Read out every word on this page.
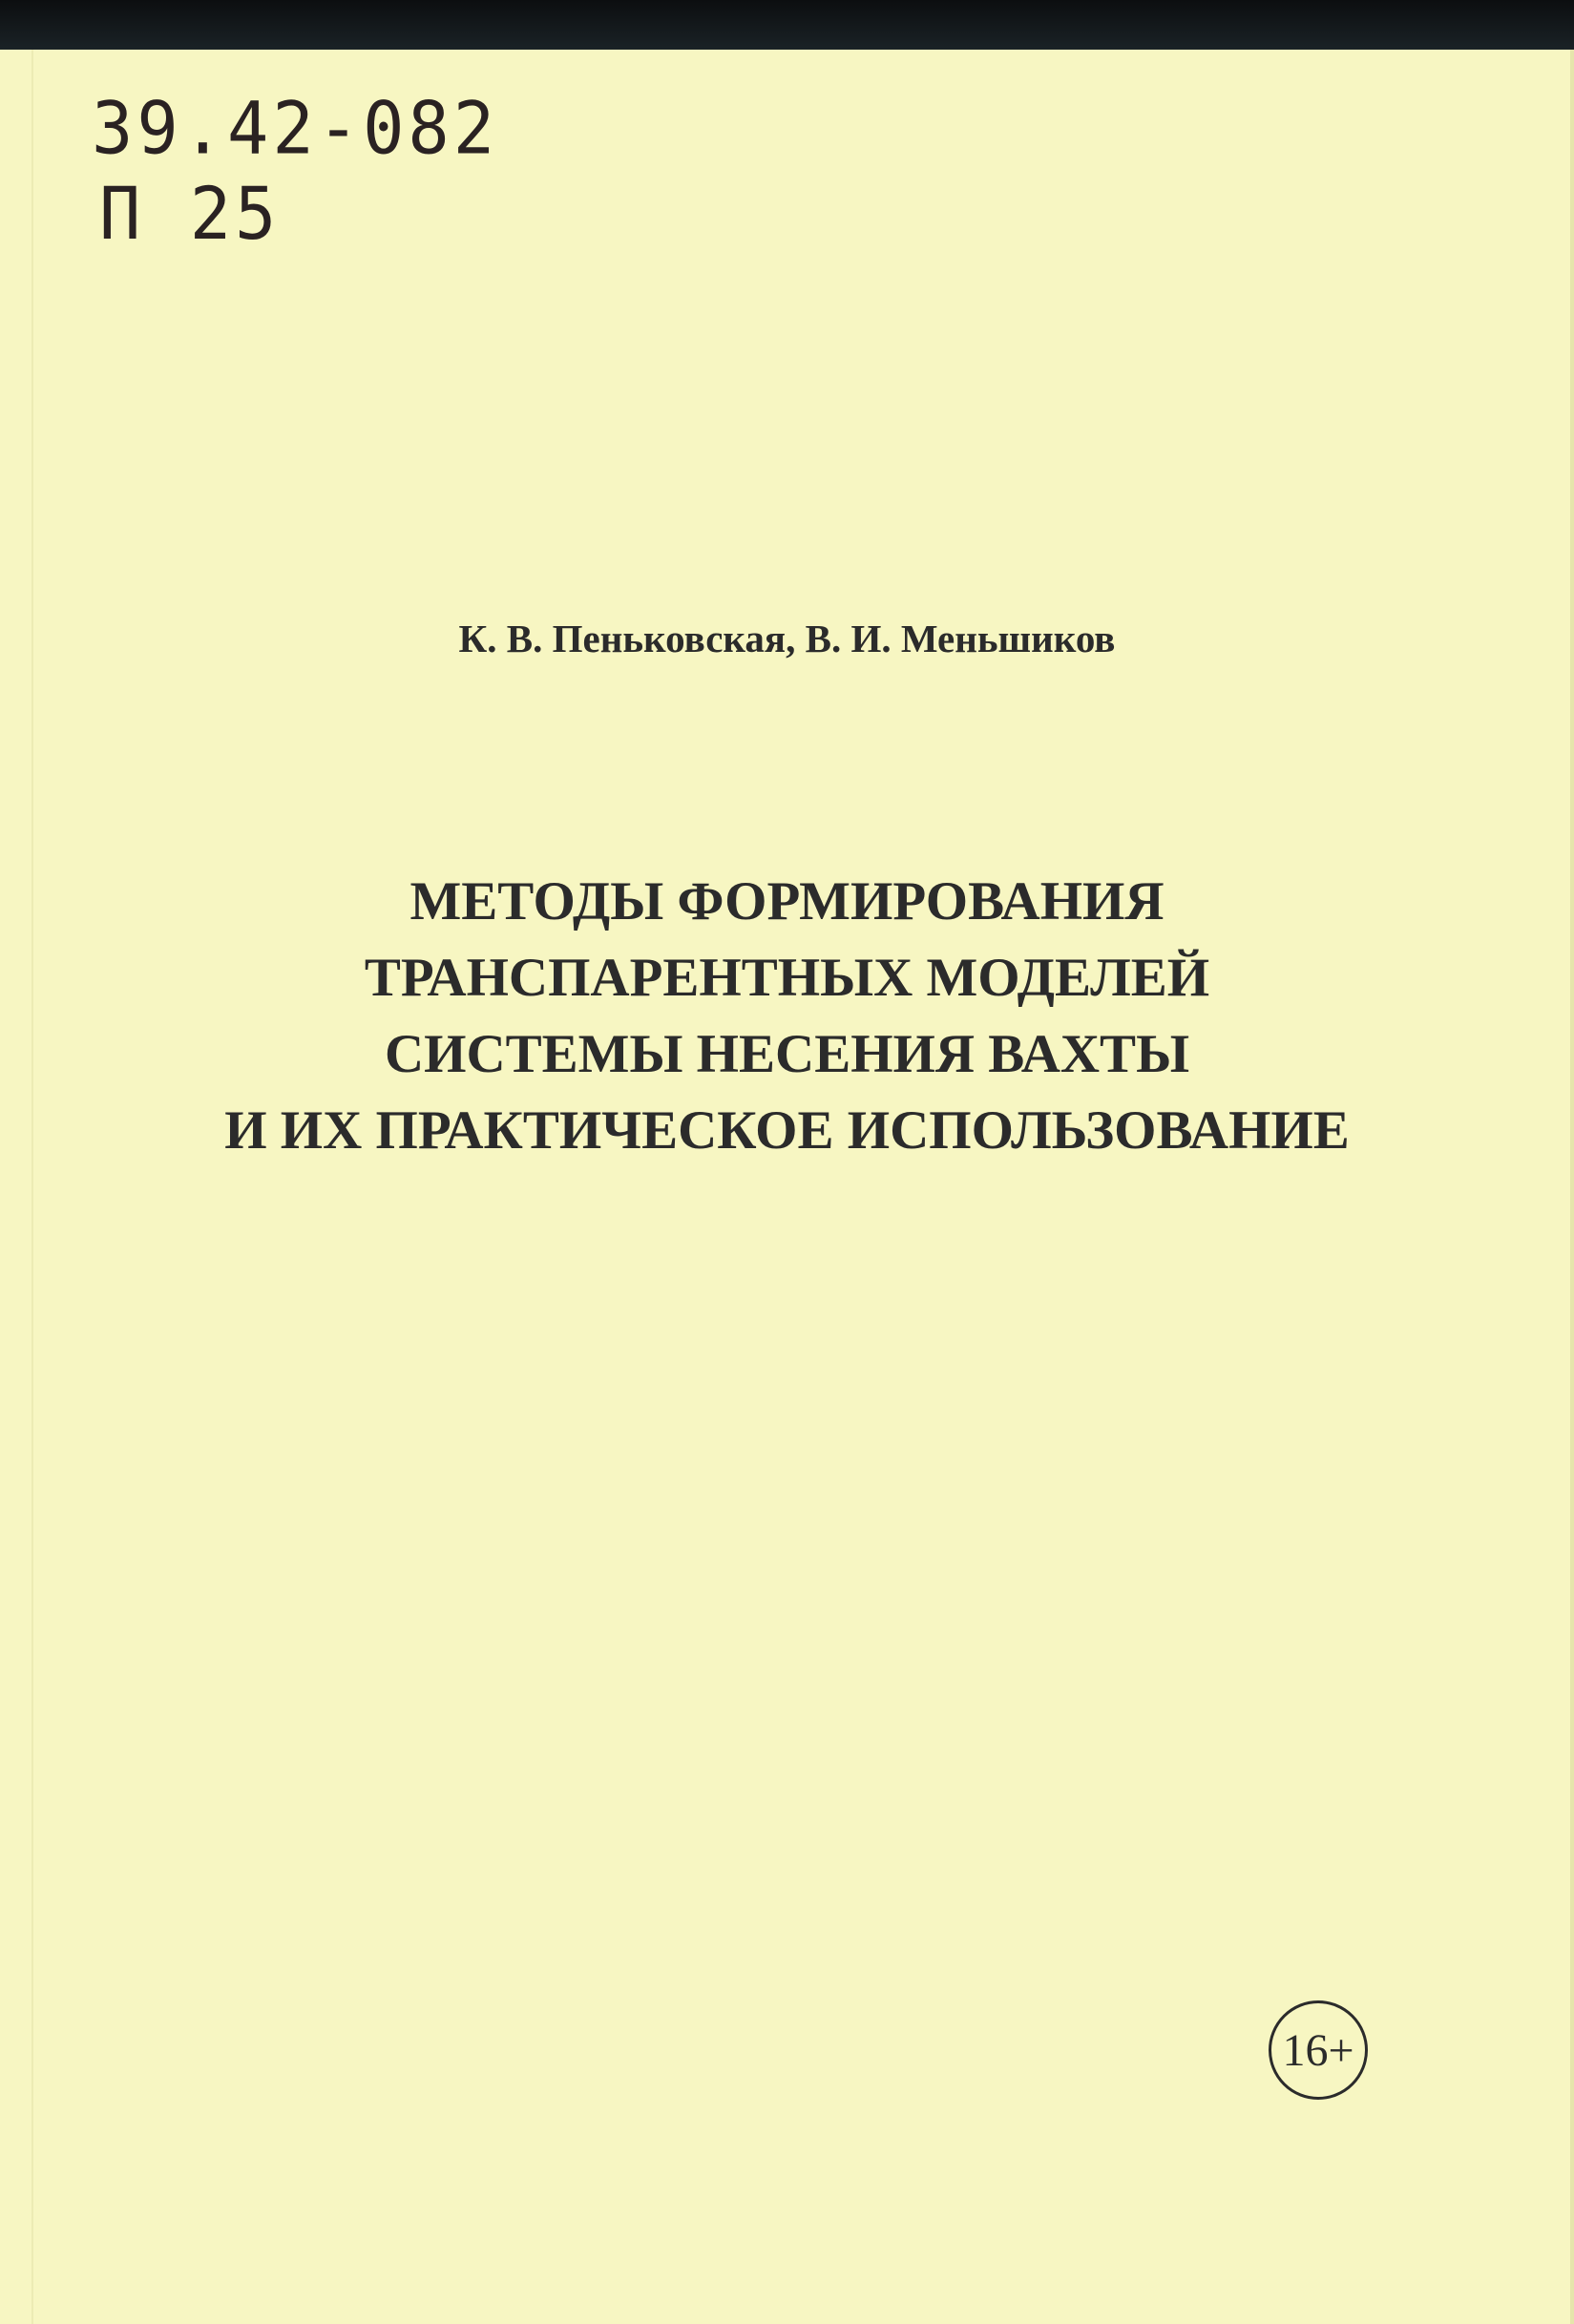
39.42-082
П 25
К. В. Пеньковская, В. И. Меньшиков
МЕТОДЫ ФОРМИРОВАНИЯ
ТРАНСПАРЕНТНЫХ МОДЕЛЕЙ
СИСТЕМЫ НЕСЕНИЯ ВАХТЫ
И ИХ ПРАКТИЧЕСКОЕ ИСПОЛЬЗОВАНИЕ
16+
